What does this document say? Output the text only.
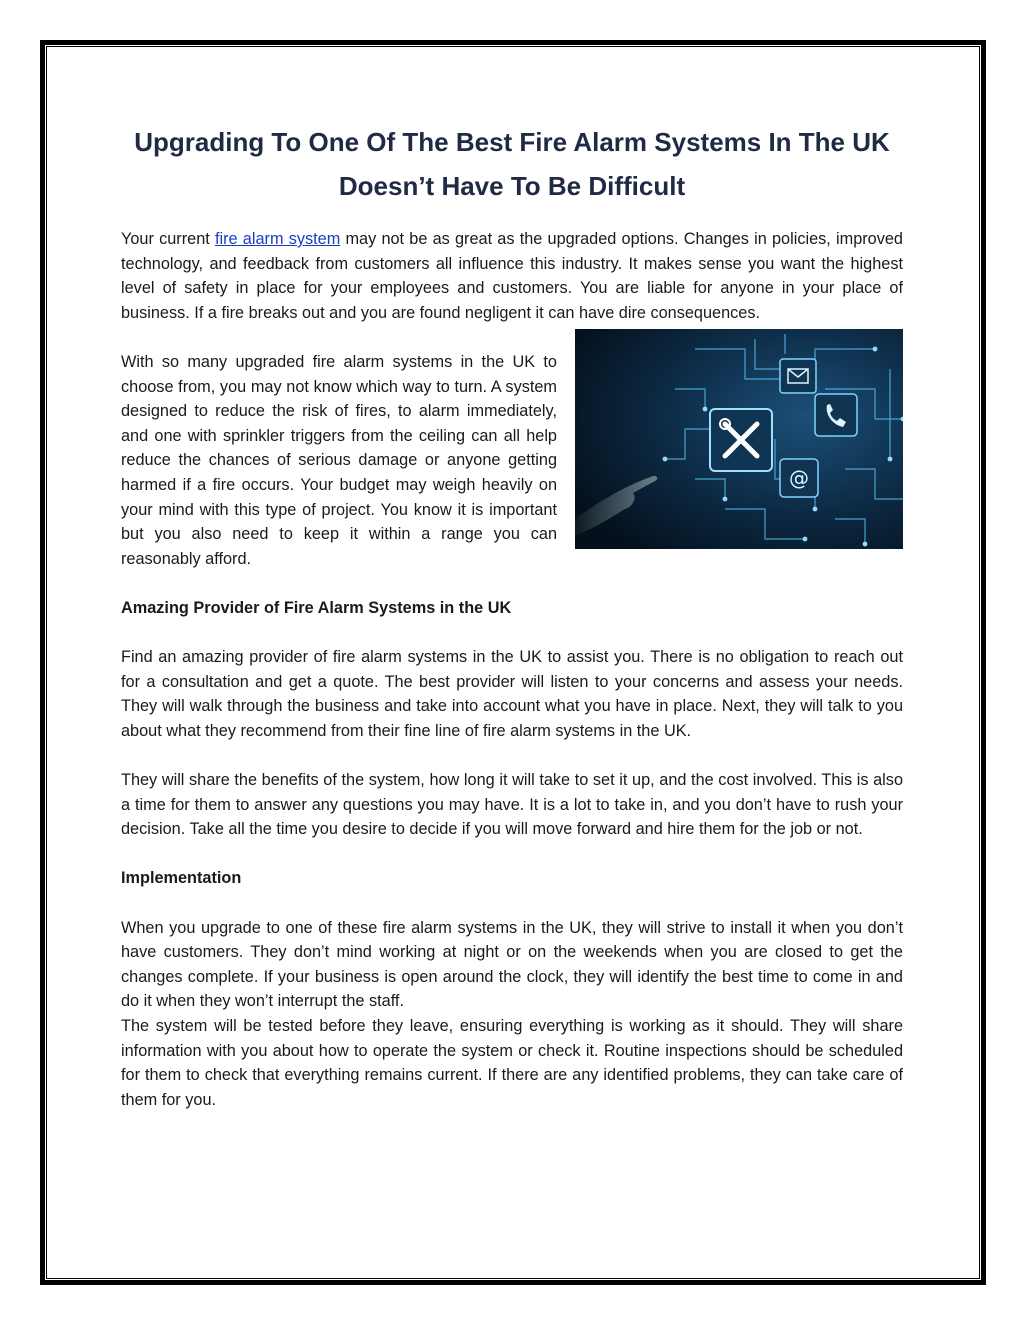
Upgrading To One Of The Best Fire Alarm Systems In The UK
Doesn’t Have To Be Difficult

Your current fire alarm system may not be as great as the upgraded options. Changes in policies, improved technology, and feedback from customers all influence this industry. It makes sense you want the highest level of safety in place for your employees and customers. You are liable for anyone in your place of business. If a fire breaks out and you are found negligent it can have dire consequences.

@

With so many upgraded fire alarm systems in the UK to choose from, you may not know which way to turn. A system designed to reduce the risk of fires, to alarm immediately, and one with sprinkler triggers from the ceiling can all help reduce the chances of serious damage or anyone getting harmed if a fire occurs. Your budget may weigh heavily on your mind with this type of project. You know it is important but you also need to keep it within a range you can reasonably afford.

Amazing Provider of Fire Alarm Systems in the UK

Find an amazing provider of fire alarm systems in the UK to assist you. There is no obligation to reach out for a consultation and get a quote. The best provider will listen to your concerns and assess your needs. They will walk through the business and take into account what you have in place. Next, they will talk to you about what they recommend from their fine line of fire alarm systems in the UK.

They will share the benefits of the system, how long it will take to set it up, and the cost involved. This is also a time for them to answer any questions you may have. It is a lot to take in, and you don’t have to rush your decision. Take all the time you desire to decide if you will move forward and hire them for the job or not.

Implementation

When you upgrade to one of these fire alarm systems in the UK, they will strive to install it when you don’t have customers. They don’t mind working at night or on the weekends when you are closed to get the changes complete. If your business is open around the clock, they will identify the best time to come in and do it when they won’t interrupt the staff.

The system will be tested before they leave, ensuring everything is working as it should. They will share information with you about how to operate the system or check it. Routine inspections should be scheduled for them to check that everything remains current. If there are any identified problems, they can take care of them for you.
